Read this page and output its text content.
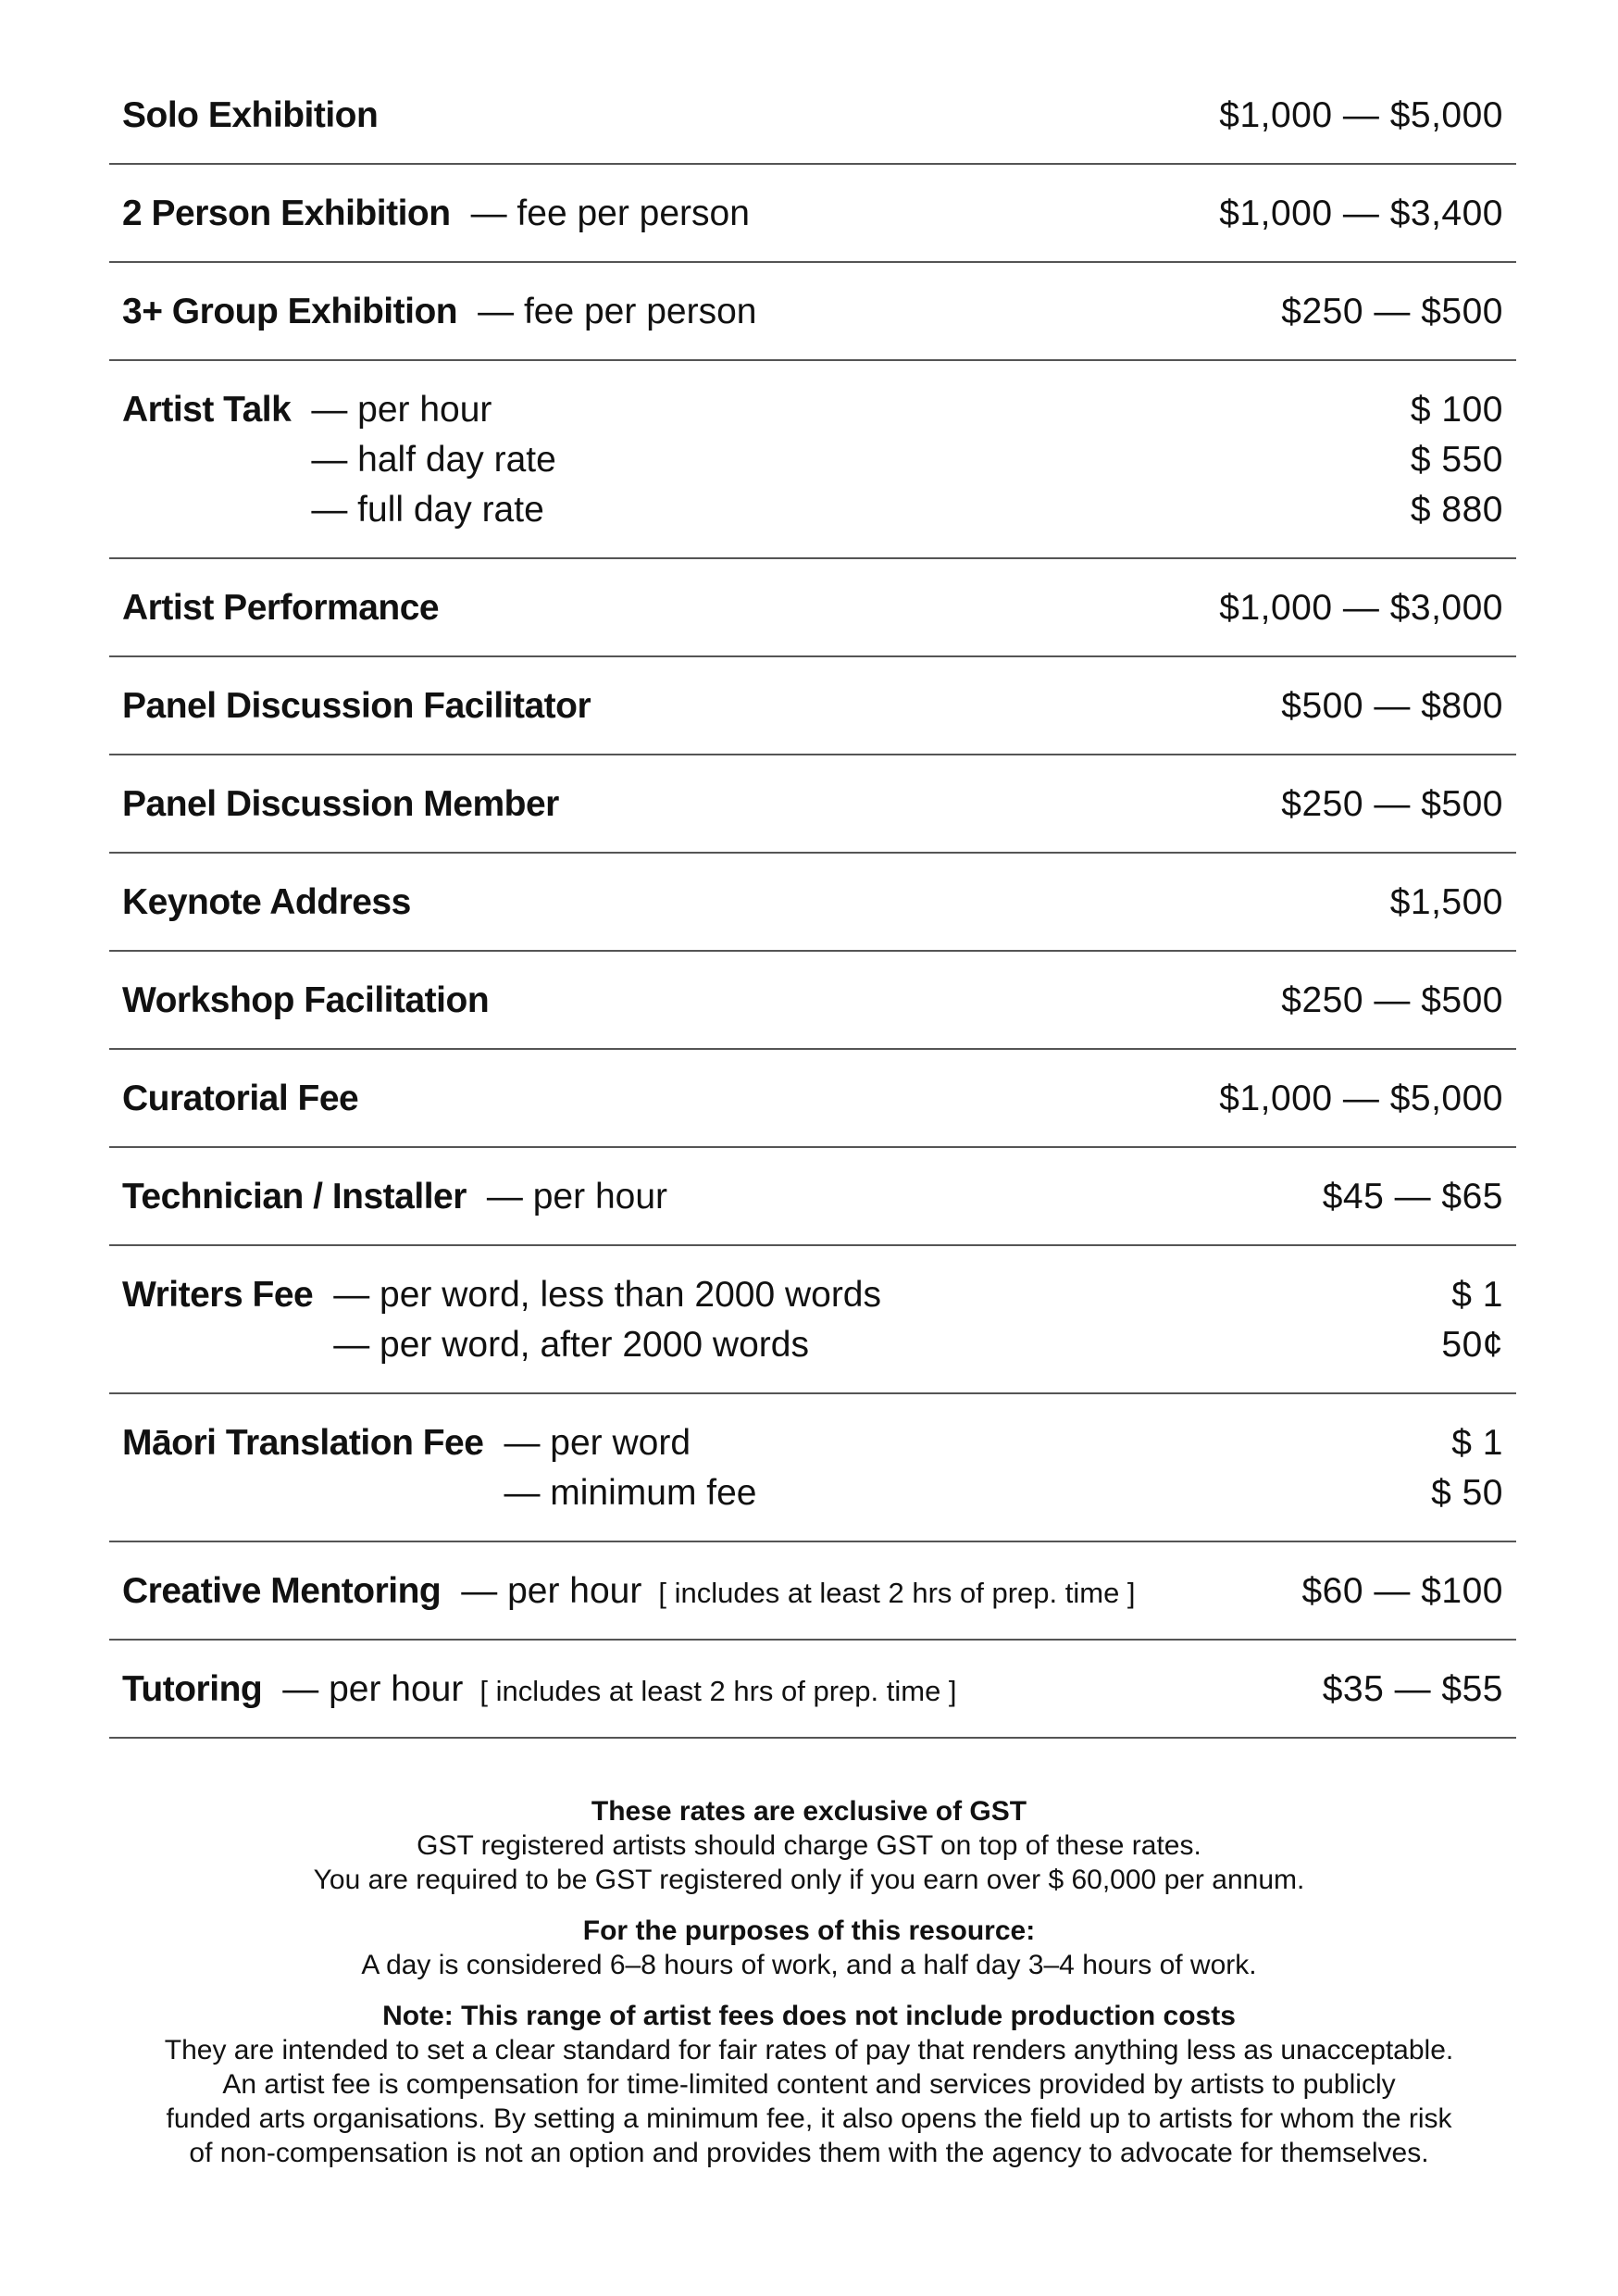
Solo Exhibition	$1,000 — $5,000
2 Person Exhibition — fee per person	$1,000 — $3,400
3+ Group Exhibition — fee per person	$250 — $500
Artist Talk — per hour	$ 100
— half day rate	$ 550
— full day rate	$ 880
Artist Performance	$1,000 — $3,000
Panel Discussion Facilitator	$500 — $800
Panel Discussion Member	$250 — $500
Keynote Address	$1,500
Workshop Facilitation	$250 — $500
Curatorial Fee	$1,000 — $5,000
Technician / Installer — per hour	$45 — $65
Writers Fee — per word, less than 2000 words	$ 1
— per word, after 2000 words	50¢
Māori Translation Fee — per word	$ 1
— minimum fee	$ 50
Creative Mentoring — per hour [ includes at least 2 hrs of prep. time ]	$60 — $100
Tutoring — per hour [ includes at least 2 hrs of prep. time ]	$35 — $55
These rates are exclusive of GST
GST registered artists should charge GST on top of these rates.
You are required to be GST registered only if you earn over $ 60,000 per annum.
For the purposes of this resource:
A day is considered 6–8 hours of work, and a half day 3–4 hours of work.
Note: This range of artist fees does not include production costs
They are intended to set a clear standard for fair rates of pay that renders anything less as unacceptable.
An artist fee is compensation for time-limited content and services provided by artists to publicly
funded arts organisations. By setting a minimum fee, it also opens the field up to artists for whom the risk
of non-compensation is not an option and provides them with the agency to advocate for themselves.
